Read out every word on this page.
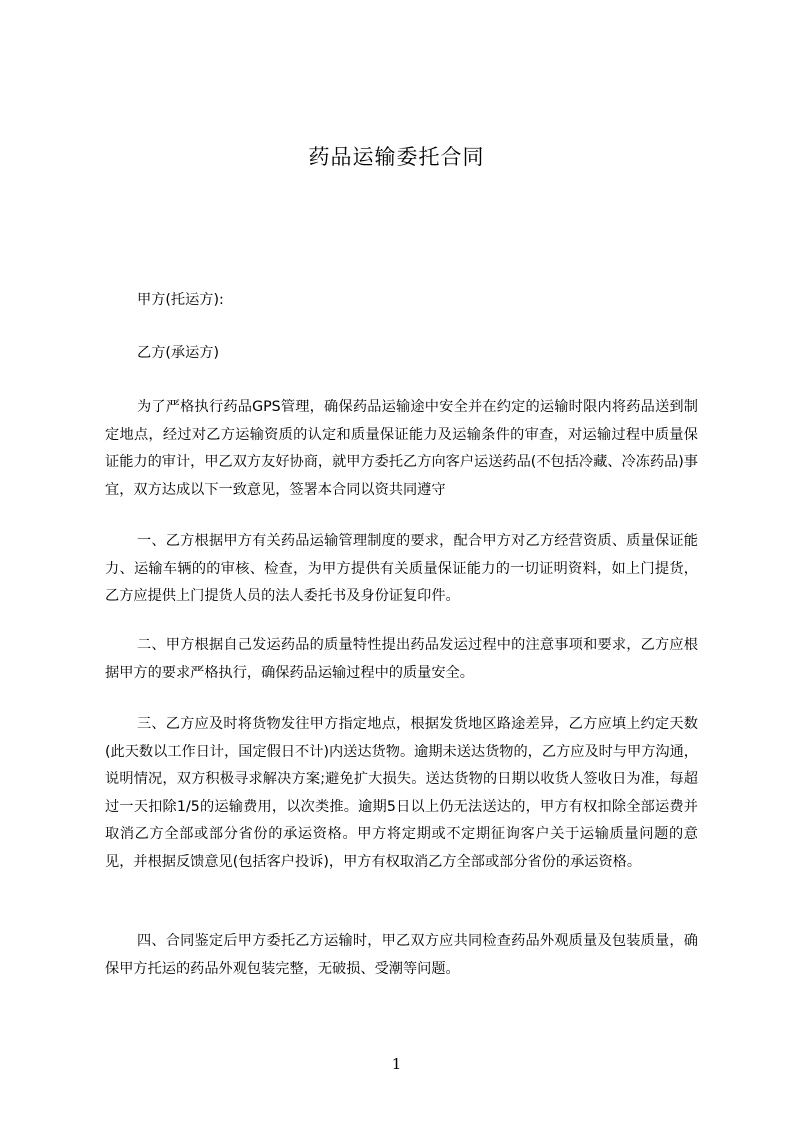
药品运输委托合同

甲方(托运方):

乙方(承运方)

为了严格执行药品GPS管理，确保药品运输途中安全并在约定的运输时限内将药品送到制定地点，经过对乙方运输资质的认定和质量保证能力及运输条件的审查，对运输过程中质量保证能力的审计，甲乙双方友好协商，就甲方委托乙方向客户运送药品(不包括冷藏、冷冻药品)事宜，双方达成以下一致意见，签署本合同以资共同遵守

一、乙方根据甲方有关药品运输管理制度的要求，配合甲方对乙方经营资质、质量保证能力、运输车辆的的审核、检查，为甲方提供有关质量保证能力的一切证明资料，如上门提货，乙方应提供上门提货人员的法人委托书及身份证复印件。

二、甲方根据自己发运药品的质量特性提出药品发运过程中的注意事项和要求，乙方应根据甲方的要求严格执行，确保药品运输过程中的质量安全。

三、乙方应及时将货物发往甲方指定地点，根据发货地区路途差异，乙方应填上约定天数(此天数以工作日计，国定假日不计)内送达货物。逾期未送达货物的，乙方应及时与甲方沟通，说明情况，双方积极寻求解决方案;避免扩大损失。送达货物的日期以收货人签收日为准，每超过一天扣除1/5的运输费用，以次类推。逾期5日以上仍无法送达的，甲方有权扣除全部运费并取消乙方全部或部分省份的承运资格。甲方将定期或不定期征询客户关于运输质量问题的意见，并根据反馈意见(包括客户投诉)，甲方有权取消乙方全部或部分省份的承运资格。

四、合同鉴定后甲方委托乙方运输时，甲乙双方应共同检查药品外观质量及包装质量，确保甲方托运的药品外观包装完整，无破损、受潮等问题。

1
